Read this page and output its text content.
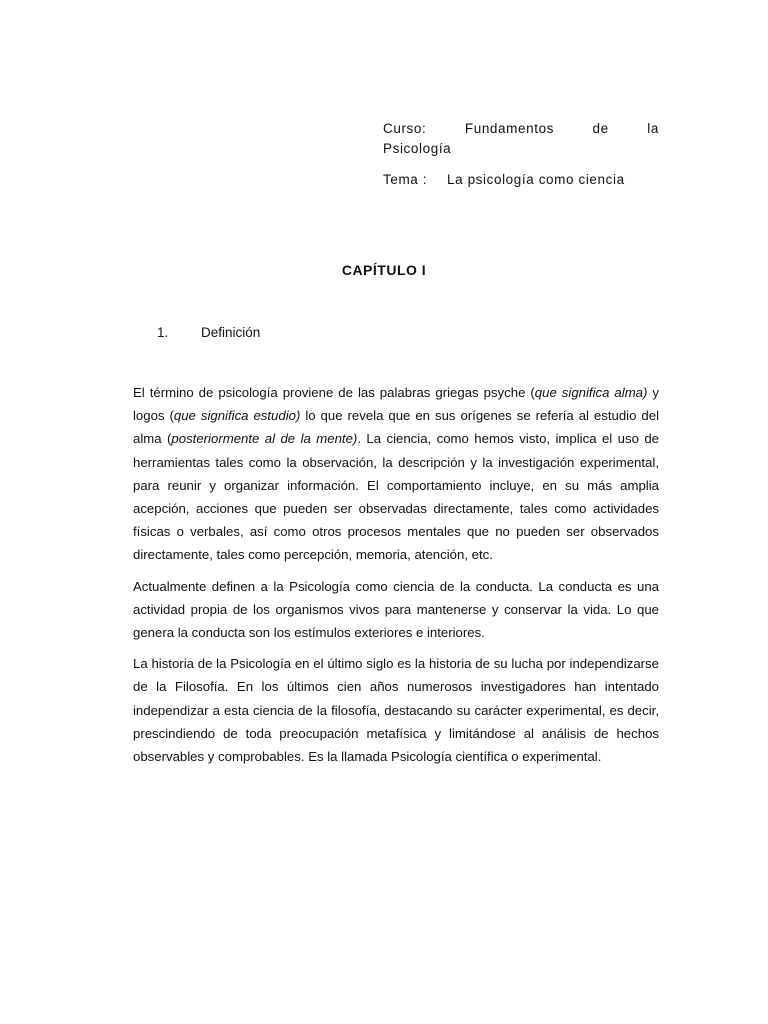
Curso:	Fundamentos	de	la
Psicología
Tema : La psicología como ciencia
CAPÍTULO I
1. Definición

El término de psicología proviene de las palabras griegas psyche (que significa alma) y logos (que significa estudio) lo que revela que en sus orígenes se refería al estudio del alma (posteriormente al de la mente). La ciencia, como hemos visto, implica el uso de herramientas tales como la observación, la descripción y la investigación experimental, para reunir y organizar información. El comportamiento incluye, en su más amplia acepción, acciones que pueden ser observadas directamente, tales como actividades físicas o verbales, así como otros procesos mentales que no pueden ser observados directamente, tales como percepción, memoria, atención, etc.

Actualmente definen a la Psicología como ciencia de la conducta. La conducta es una actividad propia de los organismos vivos para mantenerse y conservar la vida. Lo que genera la conducta son los estímulos exteriores e interiores.

La historia de la Psicología en el último siglo es la historia de su lucha por independizarse de la Filosofía. En los últimos cien años numerosos investigadores han intentado independizar a esta ciencia de la filosofía, destacando su carácter experimental, es decir, prescindiendo de toda preocupación metafísica y limitándose al análisis de hechos observables y comprobables. Es la llamada Psicología científica o experimental.
